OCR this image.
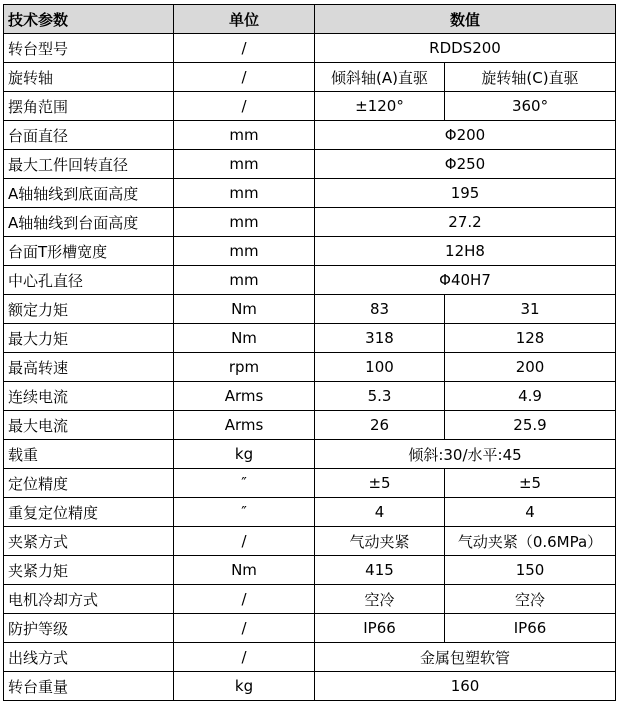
技术参数	单位	数值	
转台型号	/	RDDS200	
旋转轴	/	倾斜轴(A)直驱	旋转轴(C)直驱
摆角范围	/	±120°	360°
台面直径	mm	Φ200	
最大工件回转直径	mm	Φ250	
A轴轴线到底面高度	mm	195	
A轴轴线到台面高度	mm	27.2	
台面T形槽宽度	mm	12H8	
中心孔直径	mm	Φ40H7	
额定力矩	Nm	83	31
最大力矩	Nm	318	128
最高转速	rpm	100	200
连续电流	Arms	5.3	4.9
最大电流	Arms	26	25.9
载重	kg	倾斜:30/水平:45	
定位精度	″	±5	±5
重复定位精度	″	4	4
夹紧方式	/	气动夹紧	气动夹紧（0.6MPa）
夹紧力矩	Nm	415	150
电机冷却方式	/	空冷	空冷
防护等级	/	IP66	IP66
出线方式	/	金属包塑软管	
转台重量	kg	160	
